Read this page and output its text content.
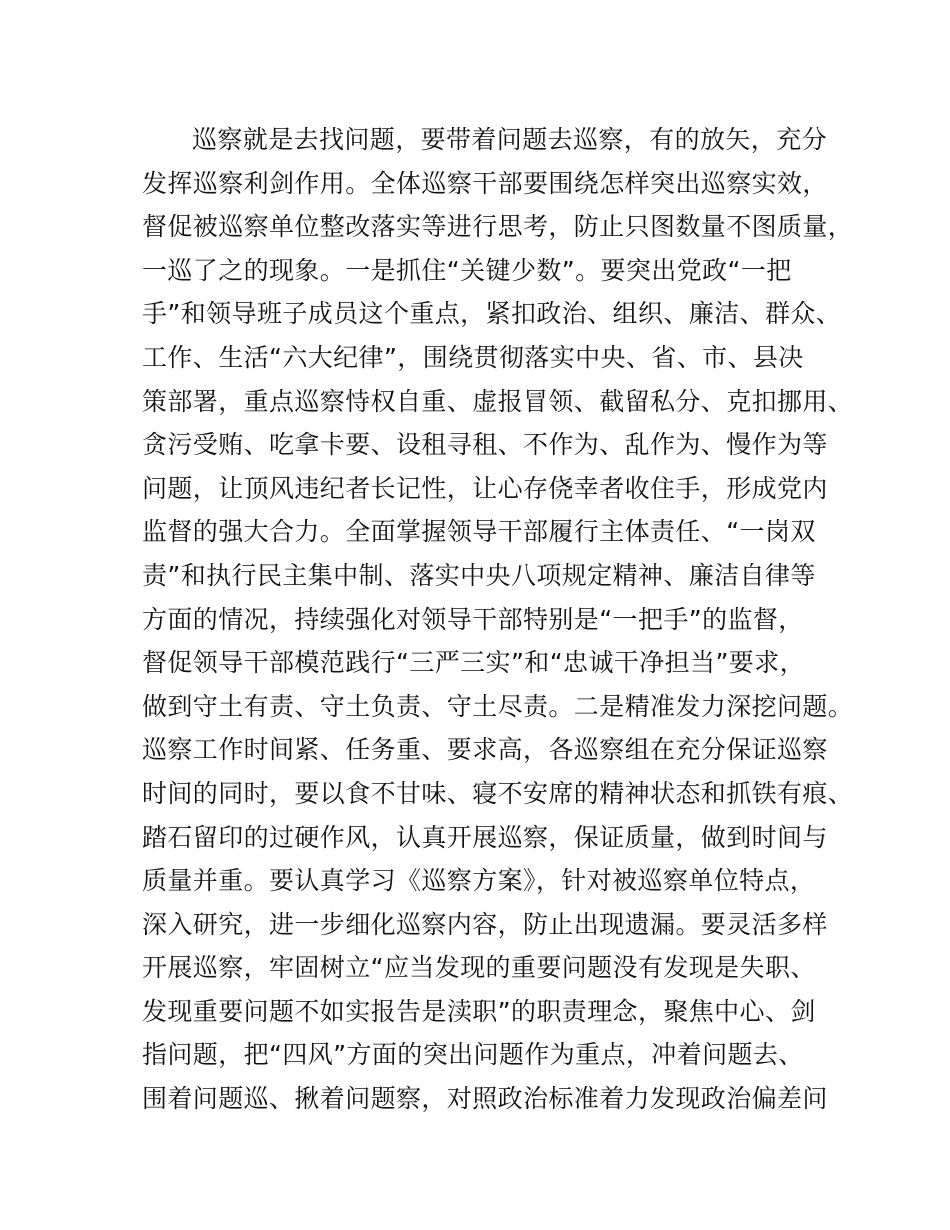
巡察就是去找问题，要带着问题去巡察，有的放矢，充分
发挥巡察利剑作用。全体巡察干部要围绕怎样突出巡察实效，
督促被巡察单位整改落实等进行思考，防止只图数量不图质量，
一巡了之的现象。一是抓住“关键少数”。要突出党政“一把
手”和领导班子成员这个重点，紧扣政治、组织、廉洁、群众、
工作、生活“六大纪律”，围绕贯彻落实中央、省、市、县决
策部署，重点巡察恃权自重、虚报冒领、截留私分、克扣挪用、
贪污受贿、吃拿卡要、设租寻租、不作为、乱作为、慢作为等
问题，让顶风违纪者长记性，让心存侥幸者收住手，形成党内
监督的强大合力。全面掌握领导干部履行主体责任、“一岗双
责”和执行民主集中制、落实中央八项规定精神、廉洁自律等
方面的情况，持续强化对领导干部特别是“一把手”的监督，
督促领导干部模范践行“三严三实”和“忠诚干净担当”要求，
做到守土有责、守土负责、守土尽责。二是精准发力深挖问题。
巡察工作时间紧、任务重、要求高，各巡察组在充分保证巡察
时间的同时，要以食不甘味、寝不安席的精神状态和抓铁有痕、
踏石留印的过硬作风，认真开展巡察，保证质量，做到时间与
质量并重。要认真学习《巡察方案》，针对被巡察单位特点，
深入研究，进一步细化巡察内容，防止出现遗漏。要灵活多样
开展巡察，牢固树立“应当发现的重要问题没有发现是失职、
发现重要问题不如实报告是渎职”的职责理念，聚焦中心、剑
指问题，把“四风”方面的突出问题作为重点，冲着问题去、
围着问题巡、揪着问题察，对照政治标准着力发现政治偏差问
